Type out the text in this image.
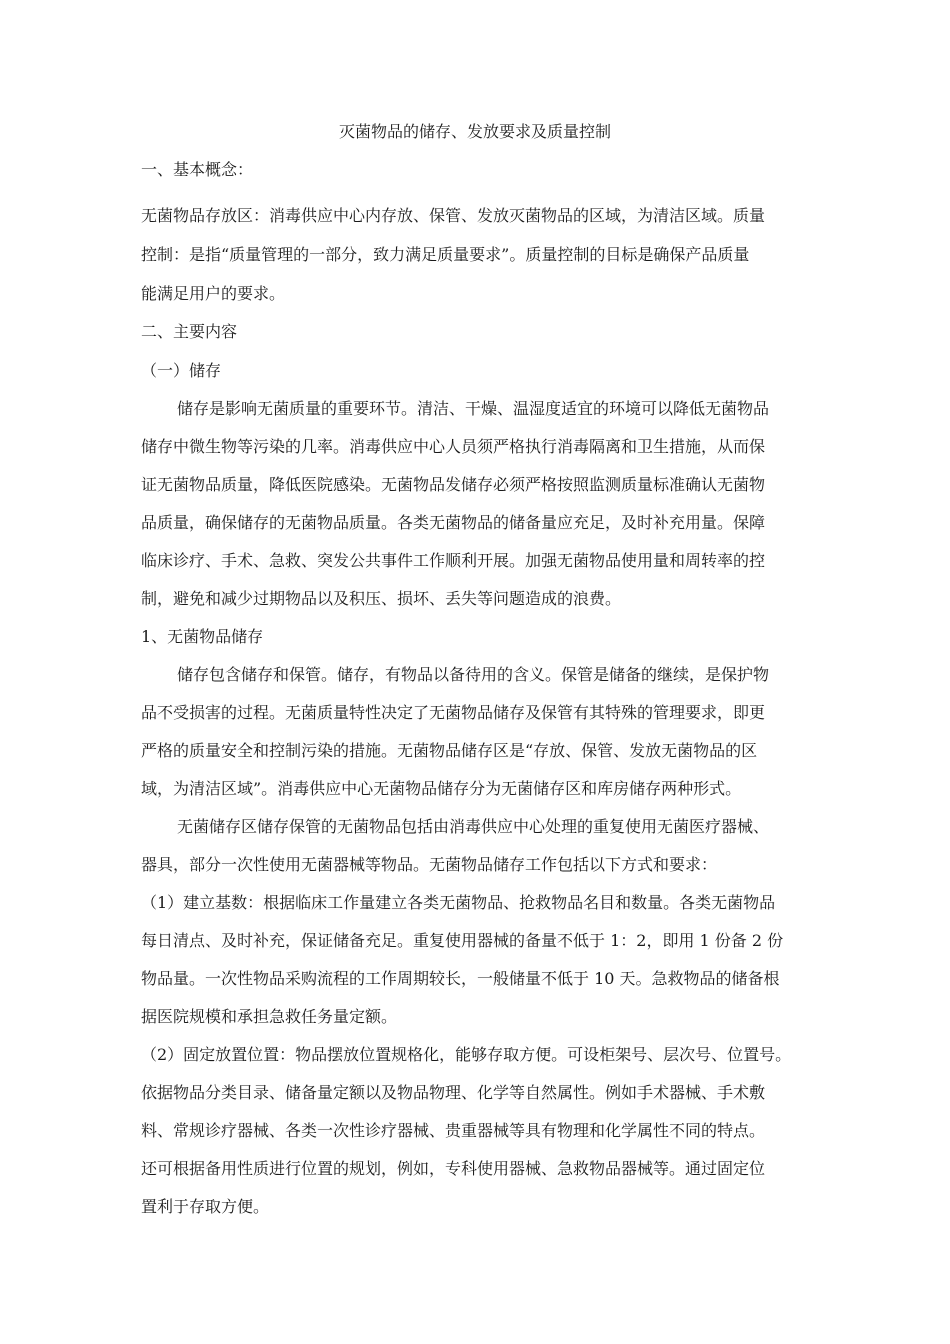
灭菌物品的储存、发放要求及质量控制
一、基本概念：
无菌物品存放区：消毒供应中心内存放、保管、发放灭菌物品的区域，为清洁区域。质量
控制：是指“质量管理的一部分，致力满足质量要求”。质量控制的目标是确保产品质量
能满足用户的要求。
二、主要内容
（一）储存
储存是影响无菌质量的重要环节。清洁、干燥、温湿度适宜的环境可以降低无菌物品
储存中微生物等污染的几率。消毒供应中心人员须严格执行消毒隔离和卫生措施，从而保
证无菌物品质量，降低医院感染。无菌物品发储存必须严格按照监测质量标准确认无菌物
品质量，确保储存的无菌物品质量。各类无菌物品的储备量应充足，及时补充用量。保障
临床诊疗、手术、急救、突发公共事件工作顺利开展。加强无菌物品使用量和周转率的控
制，避免和减少过期物品以及积压、损坏、丢失等问题造成的浪费。
1、无菌物品储存
储存包含储存和保管。储存，有物品以备待用的含义。保管是储备的继续，是保护物
品不受损害的过程。无菌质量特性决定了无菌物品储存及保管有其特殊的管理要求，即更
严格的质量安全和控制污染的措施。无菌物品储存区是“存放、保管、发放无菌物品的区
域，为清洁区域”。消毒供应中心无菌物品储存分为无菌储存区和库房储存两种形式。
无菌储存区储存保管的无菌物品包括由消毒供应中心处理的重复使用无菌医疗器械、
器具，部分一次性使用无菌器械等物品。无菌物品储存工作包括以下方式和要求：
（1）建立基数：根据临床工作量建立各类无菌物品、抢救物品名目和数量。各类无菌物品
每日清点、及时补充，保证储备充足。重复使用器械的备量不低于 1：2，即用 1 份备 2 份
物品量。一次性物品采购流程的工作周期较长，一般储量不低于 10 天。急救物品的储备根
据医院规模和承担急救任务量定额。
（2）固定放置位置：物品摆放位置规格化，能够存取方便。可设柜架号、层次号、位置号。
依据物品分类目录、储备量定额以及物品物理、化学等自然属性。例如手术器械、手术敷
料、常规诊疗器械、各类一次性诊疗器械、贵重器械等具有物理和化学属性不同的特点。
还可根据备用性质进行位置的规划，例如，专科使用器械、急救物品器械等。通过固定位
置利于存取方便。
